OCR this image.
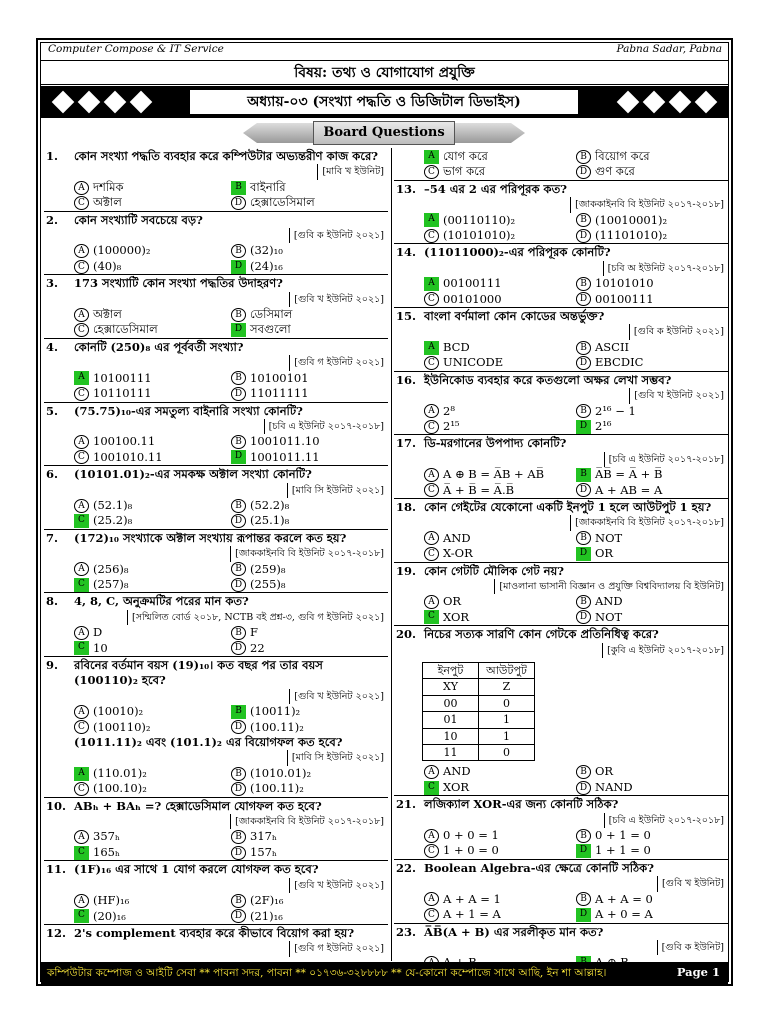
Computer Compose & IT Service	Pabna Sadar, Pabna
বিষয়: তথ্য ও যোগাযোগ প্রযুক্তি
অধ্যায়-০৩ (সংখ্যা পদ্ধতি ও ডিজিটাল ডিভাইস)
Board Questions
1.	কোন সংখ্যা পদ্ধতি ব্যবহার করে কম্পিউটার অভ্যন্তরীণ কাজ করে?
[মাবি খ ইউনিট]
A দশমিক	B বাইনারি
C অক্টাল	D হেক্সাডেসিমাল
2.	কোন সংখ্যাটি সবচেয়ে বড়?
[গুবি ক ইউনিট ২০২১]
A (100000)₂	B (32)₁₀
C (40)₈	D (24)₁₆
3.	173 সংখ্যাটি কোন সংখ্যা পদ্ধতির উদাহরণ?
[গুবি খ ইউনিট ২০২১]
A অক্টাল	B ডেসিমাল
C হেক্সাডেসিমাল	D সবগুলো
4.	কোনটি (250)₈ এর পূর্ববর্তী সংখ্যা?
[গুবি গ ইউনিট ২০২১]
A 10100111	B 10100101
C 10110111	D 11011111
5.	(75.75)₁₀-এর সমতুল্য বাইনারি সংখ্যা কোনটি?
[চবি এ ইউনিট ২০১৭-২০১৮]
A 100100.11	B 1001011.10
C 1001010.11	D 1001011.11
6.	(10101.01)₂-এর সমকক্ষ অক্টাল সংখ্যা কোনটি?
[মাবি সি ইউনিট ২০২১]
A (52.1)₈	B (52.2)₈
C (25.2)₈	D (25.1)₈
7.	(172)₁₀ সংখ্যাকে অক্টাল সংখ্যায় রূপান্তর করলে কত হয়?
[জাককাইনবি বি ইউনিট ২০১৭-২০১৮]
A (256)₈	B (259)₈
C (257)₈	D (255)₈
8.	4, 8, C, অনুক্রমটির পরের মান কত?
[সম্মিলিত বোর্ড ২০১৮, NCTB বই প্রশ্ন-৩, গুবি গ ইউনিট ২০২১]
A D	B F
C 10	D 22
9.	রবিনের বর্তমান বয়স (19)₁₀। কত বছর পর তার বয়স (100110)₂ হবে?
[গুবি খ ইউনিট ২০২১]
A (10010)₂	B (10011)₂
C (100110)₂	D (100.11)₂
(1011.11)₂ এবং (101.1)₂ এর বিয়োগফল কত হবে?
[মাবি সি ইউনিট ২০২১]
A (110.01)₂	B (1010.01)₂
C (100.10)₂	D (100.11)₂
10. ABₕ + BAₕ =? হেক্সাডেসিমাল যোগফল কত হবে?
[জাককাইনবি বি ইউনিট ২০১৭-২০১৮]
A 357ₕ	B 317ₕ
C 165ₕ	D 157ₕ
11. (1F)₁₆ এর সাথে 1 যোগ করলে যোগফল কত হবে?
[গুবি খ ইউনিট ২০২১]
A (HF)₁₆	B (2F)₁₆
C (20)₁₆	D (21)₁₆
12. 2's complement ব্যবহার করে কীভাবে বিয়োগ করা হয়?
[গুবি গ ইউনিট ২০২১]
A যোগ করে	B বিয়োগ করে
C ভাগ করে	D গুণ করে
13. –54 এর 2 এর পরিপূরক কত?
[জাককাইনবি বি ইউনিট ২০১৭-২০১৮]
A (00110110)₂	B (10010001)₂
C (10101010)₂	D (11101010)₂
14. (11011000)₂-এর পরিপূরক কোনটি?
[চবি অ ইউনিট ২০১৭-২০১৮]
A 00100111	B 10101010
C 00101000	D 00100111
15. বাংলা বর্ণমালা কোন কোডের অন্তর্ভুক্ত?
[গুবি ক ইউনিট ২০২১]
A BCD	B ASCII
C UNICODE	D EBCDIC
16. ইউনিকোড ব্যবহার করে কতগুলো অক্ষর লেখা সম্ভব?
[গুবি খ ইউনিট ২০২১]
A 2⁸	B 2¹⁶ − 1
C 2¹⁵	D 2¹⁶
17. ডি-মরগানের উপপাদ্য কোনটি?
[চবি এ ইউনিট ২০১৭-২০১৮]
A A ⊕ B = A̅B + AB̅	B A̅B̅ = A̅ + B̅
C A̅ + B̅ = A̅.B̅	D A + AB = A
18. কোন গেইটের যেকোনো একটি ইনপুট 1 হলে আউটপুট 1 হয়?
[জাককাইনবি বি ইউনিট ২০১৭-২০১৮]
A AND	B NOT
C X-OR	D OR
19. কোন গেটটি মৌলিক গেট নয়?
[মাওলানা ভাসানী বিজ্ঞান ও প্রযুক্তি বিশ্ববিদ্যালয় বি ইউনিট]
A OR	B AND
C XOR	D NOT
20. নিচের সত্যক সারণি কোন গেটকে প্রতিনিধিত্ব করে?
[কুবি এ ইউনিট ২০১৭-২০১৮]
ইনপুট	আউটপুট
XY	Z
00	0
01	1
10	1
11	0
A AND	B OR
C XOR	D NAND
21. লজিক্যাল XOR-এর জন্য কোনটি সঠিক?
[চবি এ ইউনিট ২০১৭-২০১৮]
A 0 + 0 = 1	B 0 + 1 = 0
C 1 + 0 = 0	D 1 + 1 = 0
22. Boolean Algebra-এর ক্ষেত্রে কোনটি সঠিক?
[গুবি খ ইউনিট]
A A + A = 1	B A + A = 0
C A + 1 = A	D A + 0 = A
23. A̅B̅(A + B) এর সরলীকৃত মান কত?
[গুবি ক ইউনিট]
কম্পিউটার কম্পোজ ও আইটি সেবা ** পাবনা সদর, পাবনা ** ০১৭৩৬-৩২৮৮৮৮ ** যে-কোনো কম্পোজে সাথে আছি, ইন শা আল্লাহ।	Page 1
